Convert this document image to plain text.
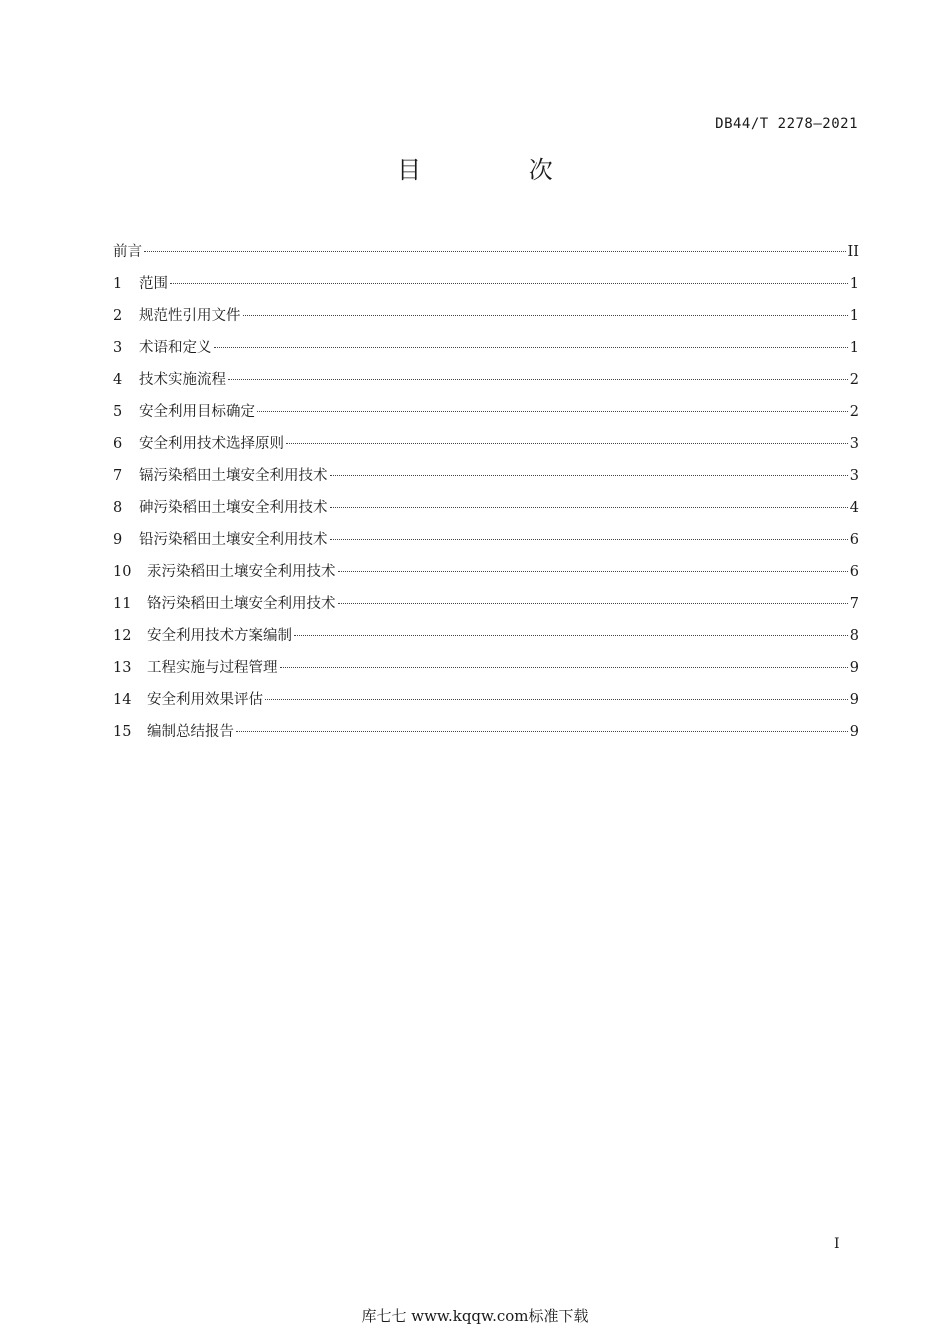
DB44/T 2278—2021
目 次
前言	II
1	范围	1
2	规范性引用文件	1
3	术语和定义	1
4	技术实施流程	2
5	安全利用目标确定	2
6	安全利用技术选择原则	3
7	镉污染稻田土壤安全利用技术	3
8	砷污染稻田土壤安全利用技术	4
9	铅污染稻田土壤安全利用技术	6
10	汞污染稻田土壤安全利用技术	6
11	铬污染稻田土壤安全利用技术	7
12	安全利用技术方案编制	8
13	工程实施与过程管理	9
14	安全利用效果评估	9
15	编制总结报告	9
I
库七七 www.kqqw.com标准下载
